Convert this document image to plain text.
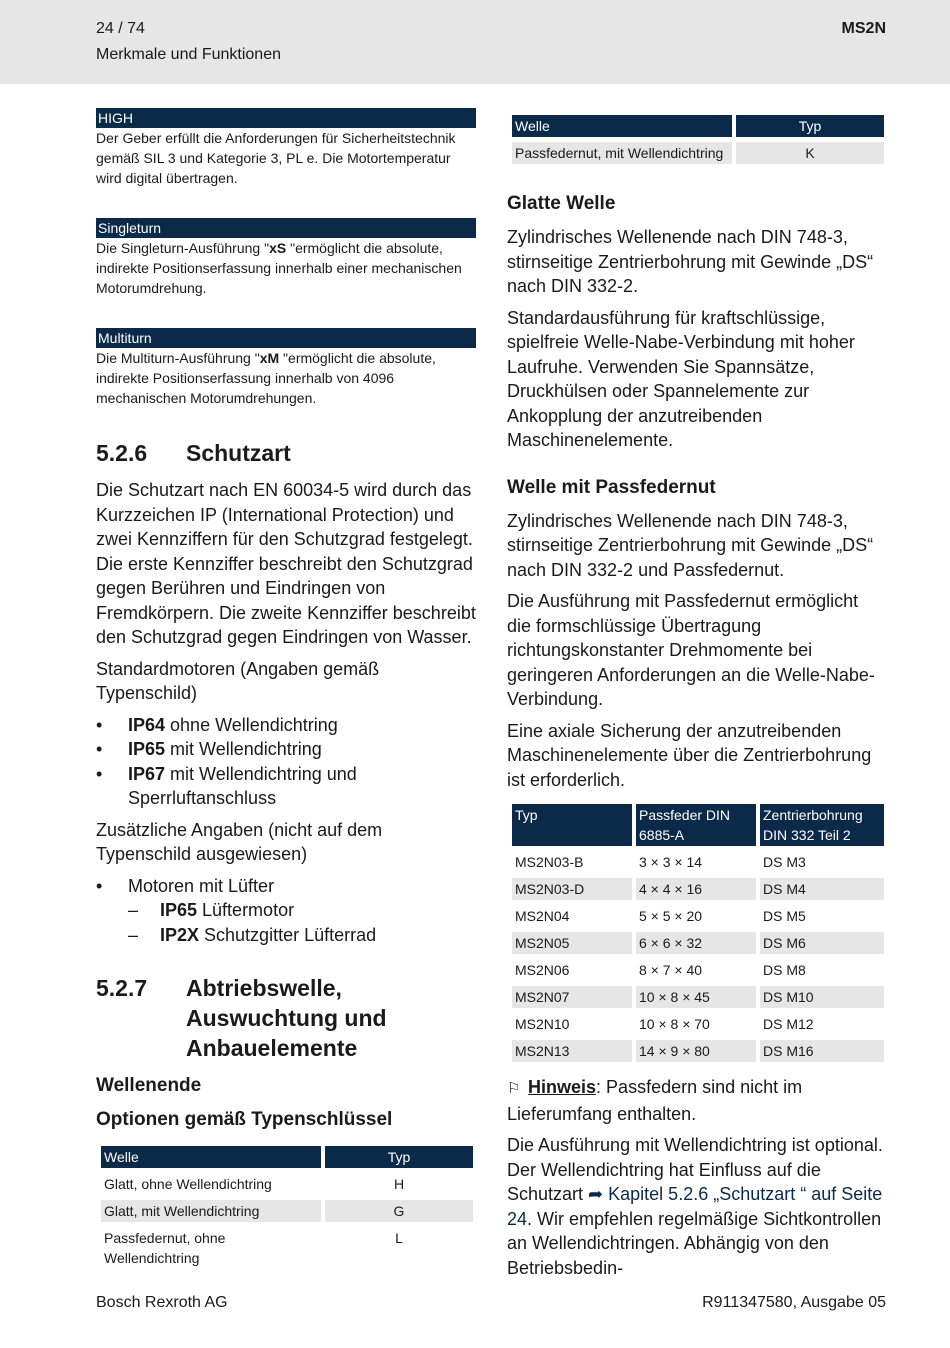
24 / 74
Merkmale und Funktionen
MS2N
HIGH
Der Geber erfüllt die Anforderungen für Sicherheitstechnik gemäß SIL 3 und Kategorie 3, PL e. Die Motortemperatur wird digital übertragen.
Singleturn
Die Singleturn-Ausführung "xS "ermöglicht die absolute, indirekte Positionserfassung innerhalb einer mechanischen Motorumdrehung.
Multiturn
Die Multiturn-Ausführung "xM "ermöglicht die absolute, indirekte Positionserfassung innerhalb von 4096 mechanischen Motorumdrehungen.
5.2.6	Schutzart
Die Schutzart nach EN 60034-5 wird durch das Kurzzeichen IP (International Protection) und zwei Kennziffern für den Schutzgrad festgelegt. Die erste Kennziffer beschreibt den Schutzgrad gegen Berühren und Eindringen von Fremdkörpern. Die zweite Kennziffer beschreibt den Schutzgrad gegen Eindringen von Wasser.
Standardmotoren (Angaben gemäß Typenschild)
• IP64 ohne Wellendichtring
• IP65 mit Wellendichtring
• IP67 mit Wellendichtring und Sperrluftanschluss
Zusätzliche Angaben (nicht auf dem Typenschild ausgewiesen)
• Motoren mit Lüfter
– IP65 Lüftermotor
– IP2X Schutzgitter Lüfterrad
5.2.7	Abtriebswelle, Auswuchtung und Anbauelemente
Wellenende
Optionen gemäß Typenschlüssel
Welle	Typ
Glatt, ohne Wellendichtring	H
Glatt, mit Wellendichtring	G
Passfedernut, ohne Wellendichtring	L
Welle	Typ
Passfedernut, mit Wellendichtring	K
Glatte Welle
Zylindrisches Wellenende nach DIN 748-3, stirnseitige Zentrierbohrung mit Gewinde „DS“ nach DIN 332-2.
Standardausführung für kraftschlüssige, spielfreie Welle-Nabe-Verbindung mit hoher Laufruhe. Verwenden Sie Spannsätze, Druckhülsen oder Spannelemente zur Ankopplung der anzutreibenden Maschinenelemente.
Welle mit Passfedernut
Zylindrisches Wellenende nach DIN 748-3, stirnseitige Zentrierbohrung mit Gewinde „DS“ nach DIN 332-2 und Passfedernut.
Die Ausführung mit Passfedernut ermöglicht die formschlüssige Übertragung richtungskonstanter Drehmomente bei geringeren Anforderungen an die Welle-Nabe-Verbindung.
Eine axiale Sicherung der anzutreibenden Maschinenelemente über die Zentrierbohrung ist erforderlich.
Typ	Passfeder DIN 6885-A	Zentrierbohrung DIN 332 Teil 2
MS2N03-B	3 × 3 × 14	DS M3
MS2N03-D	4 × 4 × 16	DS M4
MS2N04	5 × 5 × 20	DS M5
MS2N05	6 × 6 × 32	DS M6
MS2N06	8 × 7 × 40	DS M8
MS2N07	10 × 8 × 45	DS M10
MS2N10	10 × 8 × 70	DS M12
MS2N13	14 × 9 × 80	DS M16
⚐ Hinweis: Passfedern sind nicht im Lieferumfang enthalten.
Die Ausführung mit Wellendichtring ist optional. Der Wellendichtring hat Einfluss auf die Schutzart ➦ Kapitel 5.2.6 „Schutzart “ auf Seite 24. Wir empfehlen regelmäßige Sichtkontrollen an Wellendichtringen. Abhängig von den Betriebsbedin-
Bosch Rexroth AG	R911347580, Ausgabe 05
